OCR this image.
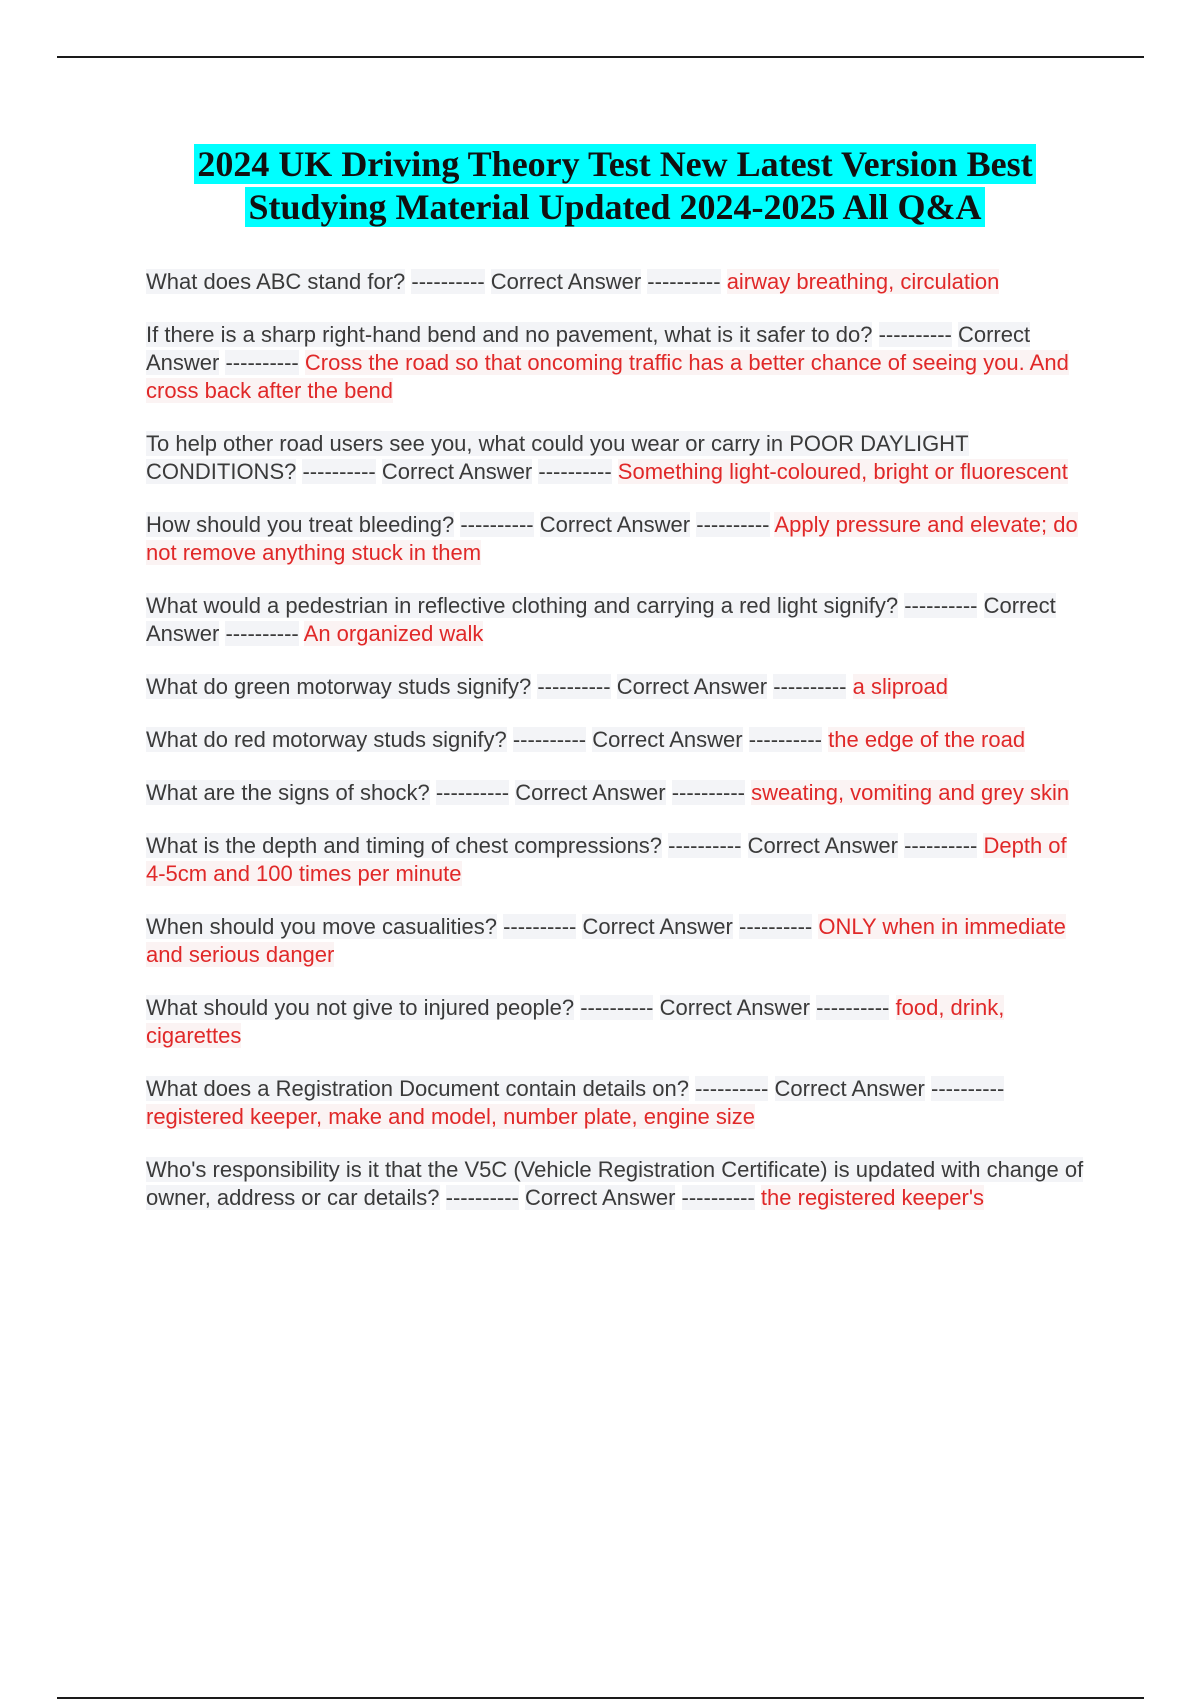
2024 UK Driving Theory Test New Latest Version Best
Studying Material Updated 2024-2025 All Q&A

What does ABC stand for? ---------- Correct Answer ---------- airway breathing, circulation

If there is a sharp right-hand bend and no pavement, what is it safer to do? ---------- Correct Answer ---------- Cross the road so that oncoming traffic has a better chance of seeing you. And cross back after the bend

To help other road users see you, what could you wear or carry in POOR DAYLIGHT CONDITIONS? ---------- Correct Answer ---------- Something light-coloured, bright or fluorescent

How should you treat bleeding? ---------- Correct Answer ---------- Apply pressure and elevate; do not remove anything stuck in them

What would a pedestrian in reflective clothing and carrying a red light signify? ---------- Correct Answer ---------- An organized walk

What do green motorway studs signify? ---------- Correct Answer ---------- a sliproad

What do red motorway studs signify? ---------- Correct Answer ---------- the edge of the road

What are the signs of shock? ---------- Correct Answer ---------- sweating, vomiting and grey skin

What is the depth and timing of chest compressions? ---------- Correct Answer ---------- Depth of 4-5cm and 100 times per minute

When should you move casualities? ---------- Correct Answer ---------- ONLY when in immediate and serious danger

What should you not give to injured people? ---------- Correct Answer ---------- food, drink, cigarettes

What does a Registration Document contain details on? ---------- Correct Answer ---------- registered keeper, make and model, number plate, engine size

Who's responsibility is it that the V5C (Vehicle Registration Certificate) is updated with change of owner, address or car details? ---------- Correct Answer ---------- the registered keeper's
